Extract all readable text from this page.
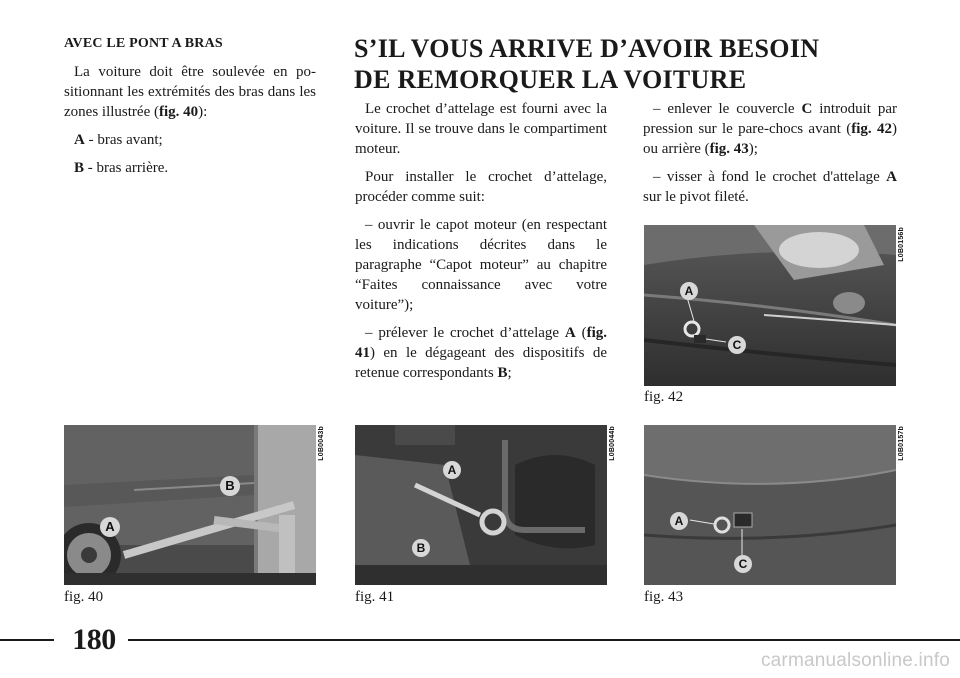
AVEC LE PONT A BRAS

La voiture doit être soulevée en positionnant les extrémités des bras dans les zones illustrée (fig. 40):

A - bras avant;

B - bras arrière.

S’IL VOUS ARRIVE D’AVOIR BESOIN
DE REMORQUER LA VOITURE

Le crochet d’attelage est fourni avec la voiture. Il se trouve dans le compartiment moteur.

Pour installer le crochet d’attelage, procéder comme suit:

– ouvrir le capot moteur (en respectant les indications décrites dans le paragraphe “Capot moteur” au chapitre “Faites connaissance avec votre voiture”);

– prélever le crochet d’attelage A (fig. 41) en le dégageant des dispositifs de retenue correspondants B;

– enlever le couvercle C introduit par pression sur le pare-chocs avant (fig. 42) ou arrière (fig. 43);

– visser à fond le crochet d'attelage A sur le pivot fileté.

A
C
L0B0156b
fig. 42
A
B
L0B0043b
fig. 40
A
B
L0B0044b
fig. 41
A
C
L0B0157b
fig. 43
180
carmanualsonline.info
